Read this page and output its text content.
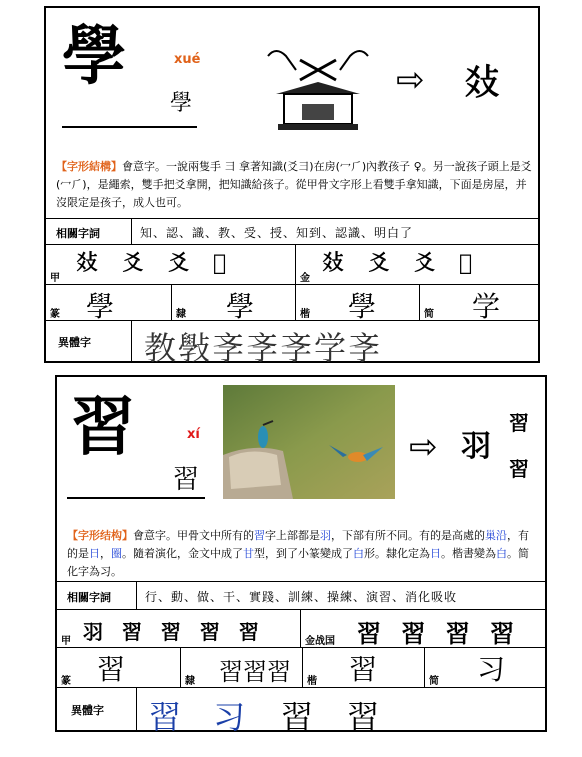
學	xué
學
⇨ 𤕝
【字形結構】會意字。一說兩隻手 ⺕ 拿著知識(爻⺕)在房(冖⺁)內教孩子 ♀。另一說孩子頭上是爻(冖⺁)，是繩索，雙手把爻拿開，把知識給孩子。從甲骨文字形上看雙手拿知識，下面是房屋，并沒限定是孩子，成人也可。
相關字詞	知、認、識、教、受、授、知到、認識、明白了
甲
𤕝 爻 爻 𠫑
金
𤕝 爻 爻 𠫑
篆 學	隸 學	楷 學	简 学
異體字 教斅斈斈斈学斈
習	xí
習
⇨ 羽
習
習
【字形结构】會意字。甲骨文中所有的習字上部都是羽，下部有所不同。有的是高處的巢沿，有的是日，圈。隨着演化，金文中成了甘型，到了小篆變成了白形。隸化定為日。楷書變為白。简化字為习。
相關字詞	行、動、做、干、實踐、訓練、操練、演習、消化吸收
甲 羽 習 習 習 習	金战国 習 習 習 習
篆 習	隸 習習習 楷 習	简 习
異體字 習 习 習 習
